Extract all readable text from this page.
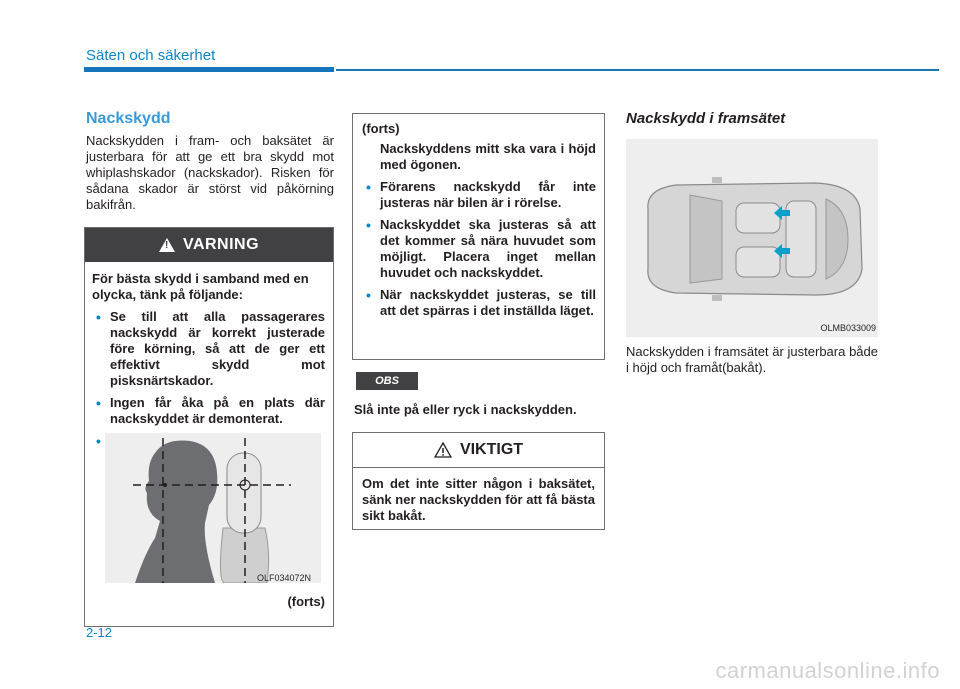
Säten och säkerhet
Nackskydd
Nackskydden i fram- och baksätet är justerbara för att ge ett bra skydd mot whiplashskador (nackskador). Risken för sådana skador är störst vid påkörning bakifrån.
!
VARNING
För bästa skydd i samband med en olycka, tänk på följande:
• Se till att alla passagerares nackskydd är korrekt justerade före körning, så att de ger ett effektivt skydd mot pisksnärtskador.
• Ingen får åka på en plats där nackskyddet är demonterat.
OLF034072N
(forts)
(forts)
Nackskyddens mitt ska vara i höjd med ögonen.
• Förarens nackskydd får inte justeras när bilen är i rörelse.
• Nackskyddet ska justeras så att det kommer så nära huvudet som möjligt. Placera inget mellan huvudet och nackskyddet.
• När nackskyddet justeras, se till att det spärras i det inställda läget.
OBS
Slå inte på eller ryck i nackskydden.
VIKTIGT
Om det inte sitter någon i baksätet, sänk ner nackskydden för att få bästa sikt bakåt.
Nackskydd i framsätet
OLMB033009
Nackskydden i framsätet är justerbara både i höjd och framåt(bakåt).
2-12
carmanualsonline.info
